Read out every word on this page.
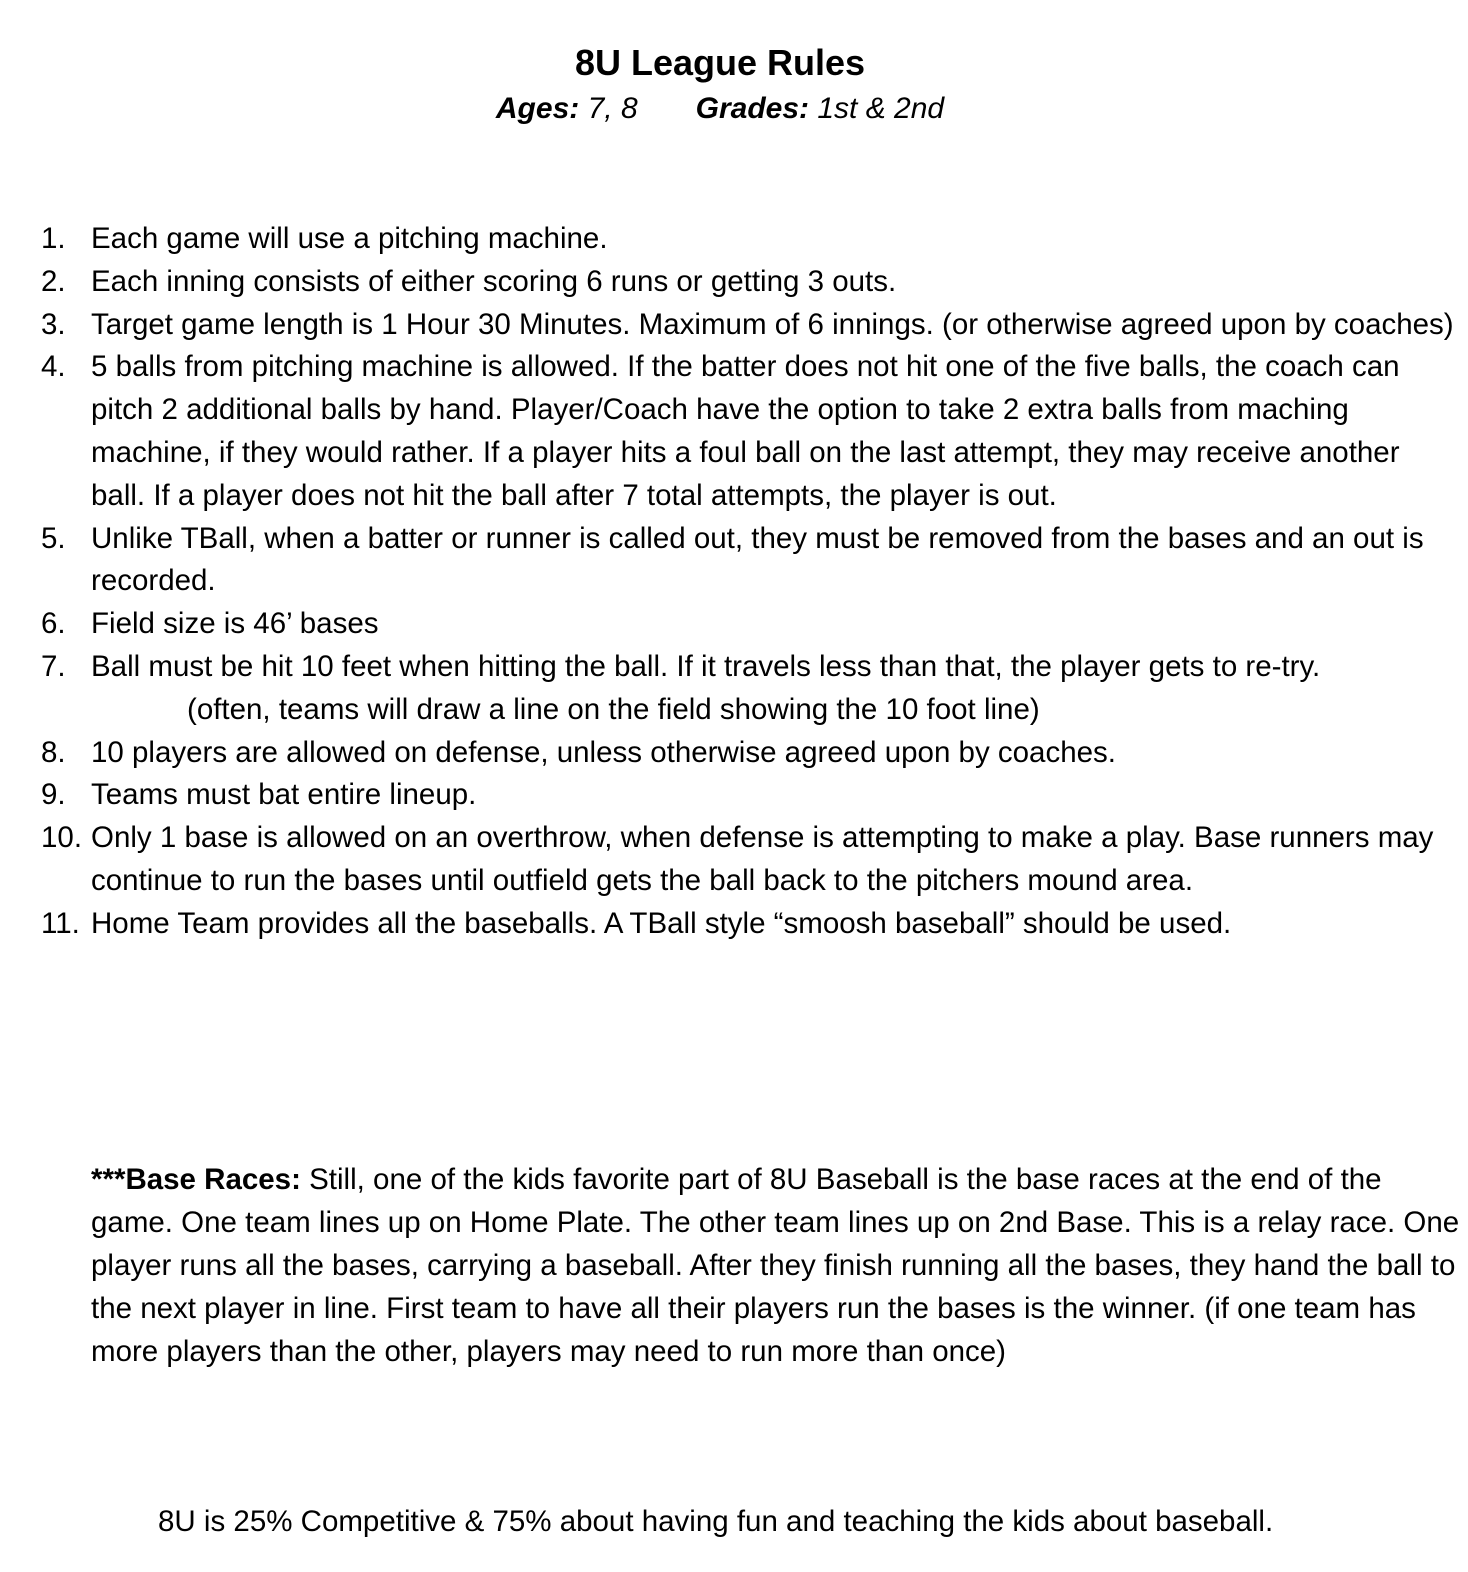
8U League Rules
Ages: 7, 8 Grades: 1st & 2nd
1. Each game will use a pitching machine.
2. Each inning consists of either scoring 6 runs or getting 3 outs.
3. Target game length is 1 Hour 30 Minutes. Maximum of 6 innings. (or otherwise agreed upon by coaches)
4. 5 balls from pitching machine is allowed. If the batter does not hit one of the five balls, the coach can pitch 2 additional balls by hand. Player/Coach have the option to take 2 extra balls from maching machine, if they would rather. If a player hits a foul ball on the last attempt, they may receive another ball. If a player does not hit the ball after 7 total attempts, the player is out.
5. Unlike TBall, when a batter or runner is called out, they must be removed from the bases and an out is recorded.
6. Field size is 46’ bases
7. Ball must be hit 10 feet when hitting the ball. If it travels less than that, the player gets to re-try.
(often, teams will draw a line on the field showing the 10 foot line)
8. 10 players are allowed on defense, unless otherwise agreed upon by coaches.
9. Teams must bat entire lineup.
10. Only 1 base is allowed on an overthrow, when defense is attempting to make a play. Base runners may continue to run the bases until outfield gets the ball back to the pitchers mound area.
11. Home Team provides all the baseballs. A TBall style “smoosh baseball” should be used.

***Base Races: Still, one of the kids favorite part of 8U Baseball is the base races at the end of the game. One team lines up on Home Plate. The other team lines up on 2nd Base. This is a relay race. One player runs all the bases, carrying a baseball. After they finish running all the bases, they hand the ball to the next player in line. First team to have all their players run the bases is the winner. (if one team has more players than the other, players may need to run more than once)

8U is 25% Competitive & 75% about having fun and teaching the kids about baseball.
